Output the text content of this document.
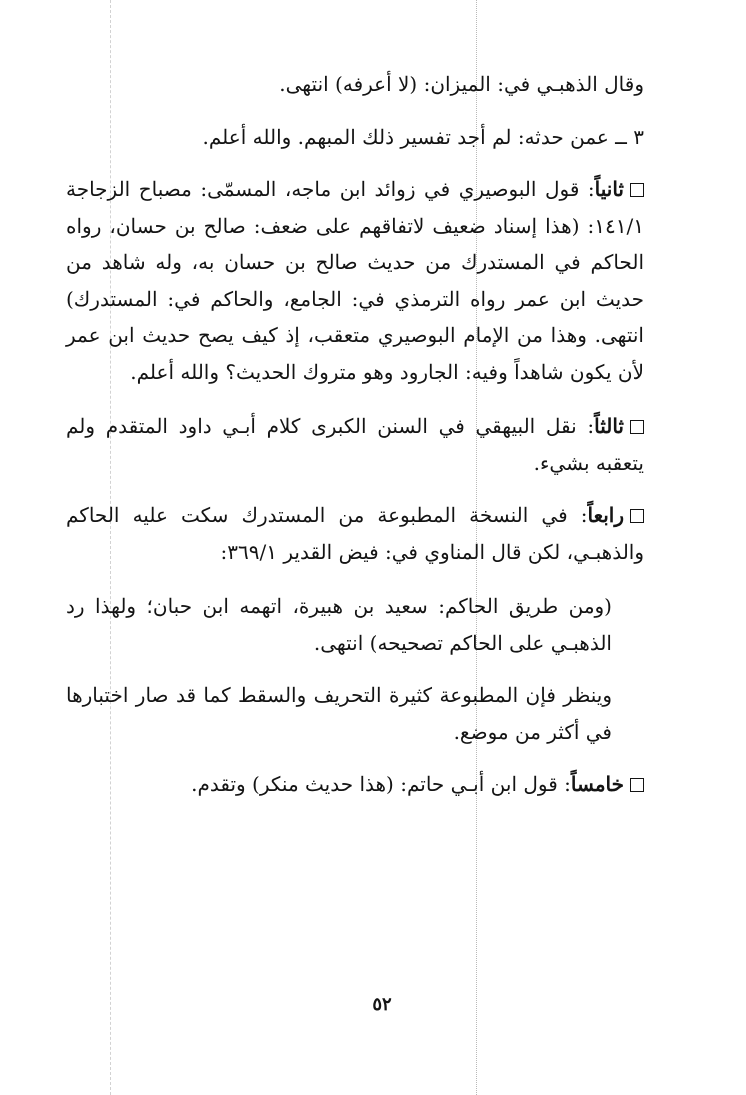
وقال الذهبـي في: الميزان: (لا أعرفه) انتهى.

٣ ــ عمن حدثه: لم أجد تفسير ذلك المبهم. والله أعلم.

ثانياً: قول البوصيري في زوائد ابن ماجه، المسمّى: مصباح الزجاجة ١٤١/١: (هذا إسناد ضعيف لاتفاقهم على ضعف: صالح بن حسان، رواه الحاكم في المستدرك من حديث صالح بن حسان به، وله شاهد من حديث ابن عمر رواه الترمذي في: الجامع، والحاكم في: المستدرك) انتهى. وهذا من الإمام البوصيري متعقب، إذ كيف يصح حديث ابن عمر لأن يكون شاهداً وفيه: الجارود وهو متروك الحديث؟ والله أعلم.

ثالثاً: نقل البيهقي في السنن الكبرى كلام أبـي داود المتقدم ولم يتعقبه بشيء.

رابعاً: في النسخة المطبوعة من المستدرك سكت عليه الحاكم والذهبـي، لكن قال المناوي في: فيض القدير ٣٦٩/١:

(ومن طريق الحاكم: سعيد بن هبيرة، اتهمه ابن حبان؛ ولهذا رد الذهبـي على الحاكم تصحيحه) انتهى.

وينظر فإن المطبوعة كثيرة التحريف والسقط كما قد صار اختبارها في أكثر من موضع.

خامساً: قول ابن أبـي حاتم: (هذا حديث منكر) وتقدم.

٥٢
